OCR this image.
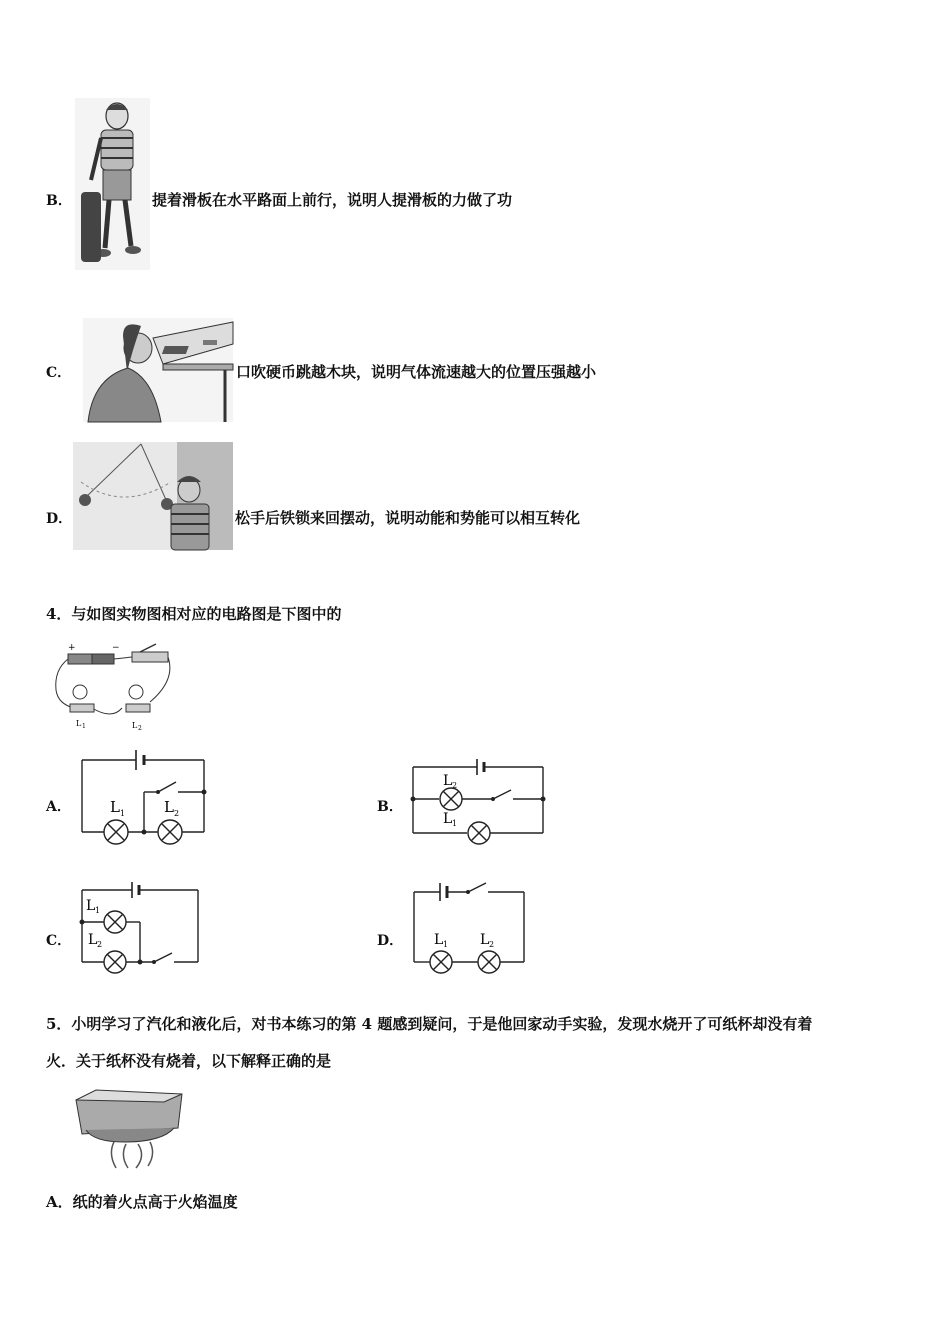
B．	提着滑板在水平路面上前行，说明人提滑板的力做了功
C．	口吹硬币跳越木块，说明气体流速越大的位置压强越小
D．	松手后铁锁来回摆动，说明动能和势能可以相互转化
4．与如图实物图相对应的电路图是下图中的
+	−
L 1	L 2
A．	L 1	L 2	B．
L 2
L 1
C．
L 1
L 2	D． L 1 L 2
5．小明学习了汽化和液化后，对书本练习的第 4 题感到疑问，于是他回家动手实验，发现水烧开了可纸杯却没有着
火．关于纸杯没有烧着，以下解释正确的是
A．纸的着火点高于火焰温度
